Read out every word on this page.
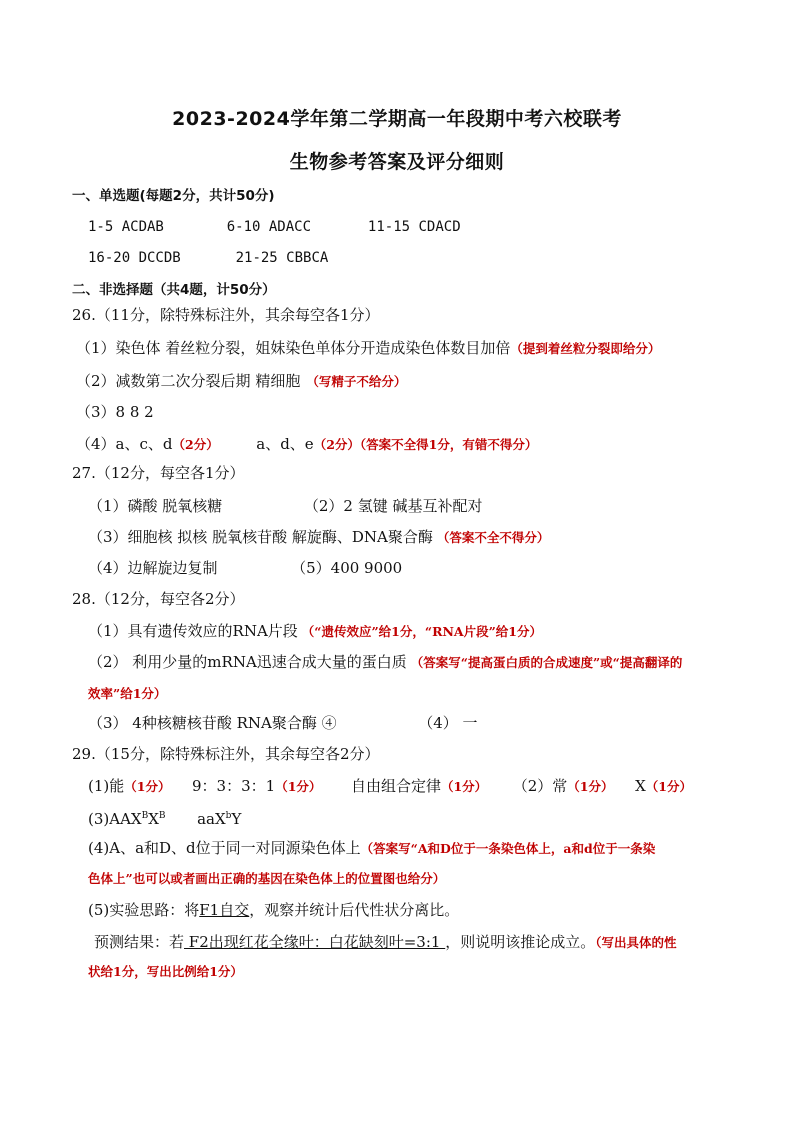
2023-2024学年第二学期高一年段期中考六校联考
生物参考答案及评分细则
一、单选题(每题2分，共计50分)
1-5 ACDAB	6-10 ADACC	11-15 CDACD
16-20 DCCDB	21-25 CBBCA
二、非选择题（共4题，计50分）
26.（11分，除特殊标注外，其余每空各1分）
（1）染色体 着丝粒分裂，姐妹染色单体分开造成染色体数目加倍（提到着丝粒分裂即给分）
（2）减数第二次分裂后期 精细胞 （写精子不给分）
（3）8 8 2
（4）a、c、d（2分）	a、d、e（2分）（答案不全得1分，有错不得分）
27.（12分，每空各1分）
（1）磷酸 脱氧核糖	（2）2 氢键 碱基互补配对
（3）细胞核 拟核 脱氧核苷酸 解旋酶、DNA聚合酶 （答案不全不得分）
（4）边解旋边复制	（5）400 9000
28.（12分，每空各2分）
（1）具有遗传效应的RNA片段 （“遗传效应”给1分，“RNA片段”给1分）
（2） 利用少量的mRNA迅速合成大量的蛋白质 （答案写“提高蛋白质的合成速度”或“提高翻译的
效率”给1分）
（3） 4种核糖核苷酸 RNA聚合酶 ④	（4） 一
29.（15分，除特殊标注外，其余每空各2分）
(1)能（1分） 9：3：3：1（1分） 自由组合定律（1分） （2）常（1分） X（1分）
$(3)AAX^BX^B$ aaX$^b$Y
(4)A、a和D、d位于同一对同源染色体上（答案写“A和D位于一条染色体上，a和d位于一条染
色体上”也可以或者画出正确的基因在染色体上的位置图也给分）
(5)实验思路：将F1自交，观察并统计后代性状分离比。
预测结果：若 F2出现红花全缘叶：白花缺刻叶=3:1 ，则说明该推论成立。（写出具体的性
状给1分，写出比例给1分）
